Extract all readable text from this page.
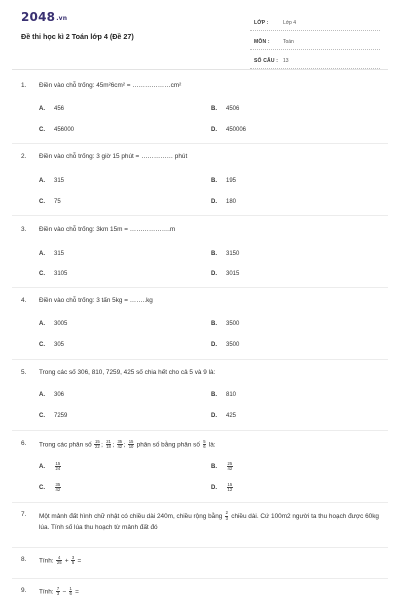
2048.vn
Đề thi học kì 2 Toán lớp 4 (Đề 27)
LỚP :	Lớp 4
MÔN :	Toán
SỐ CÂU : 13
1.	Điền vào chỗ trống: 45m²6cm² = ………………cm²
A. 456	B. 4506
C. 456000	D. 450006
2.	Điền vào chỗ trống: 3 giờ 15 phút = …………… phút
A. 315	B. 195
C. 75	D. 180
3.	Điền vào chỗ trống: 3km 15m = ……………….m
A. 315	B. 3150
C. 3105	D. 3015
4.	Điền vào chỗ trống: 3 tấn 5kg = ……..kg
A. 3005	B. 3500
C. 305	D. 3500
5.	Trong các số 306, 810, 7259, 425 số chia hết cho cả 5 và 9 là:
A. 306	B. 810
C. 7259	D. 425
6.	Trong các phân số $\frac{15}{22}$ ; $\frac{21}{18}$ ; $\frac{35}{42}$ ; $\frac{15}{10}$ phân số bằng phân số $\frac{5}{6}$ là:
A. $\frac{15}{24}$	B. $\frac{25}{42}$
C. $\frac{35}{42}$	D. $\frac{15}{12}$
7.	Một mảnh đất hình chữ nhật có chiều dài 240m, chiều rộng bằng $\frac{2}{3}$ chiều dài. Cứ 100m2 người ta thu hoạch được 60kg lúa. Tính số lúa thu hoạch từ mảnh đất đó
8.	Tính: $\frac{4}{25} + \frac{3}{5}$ =
9.	Tính: $\frac{7}{3} - \frac{1}{6}$ =
